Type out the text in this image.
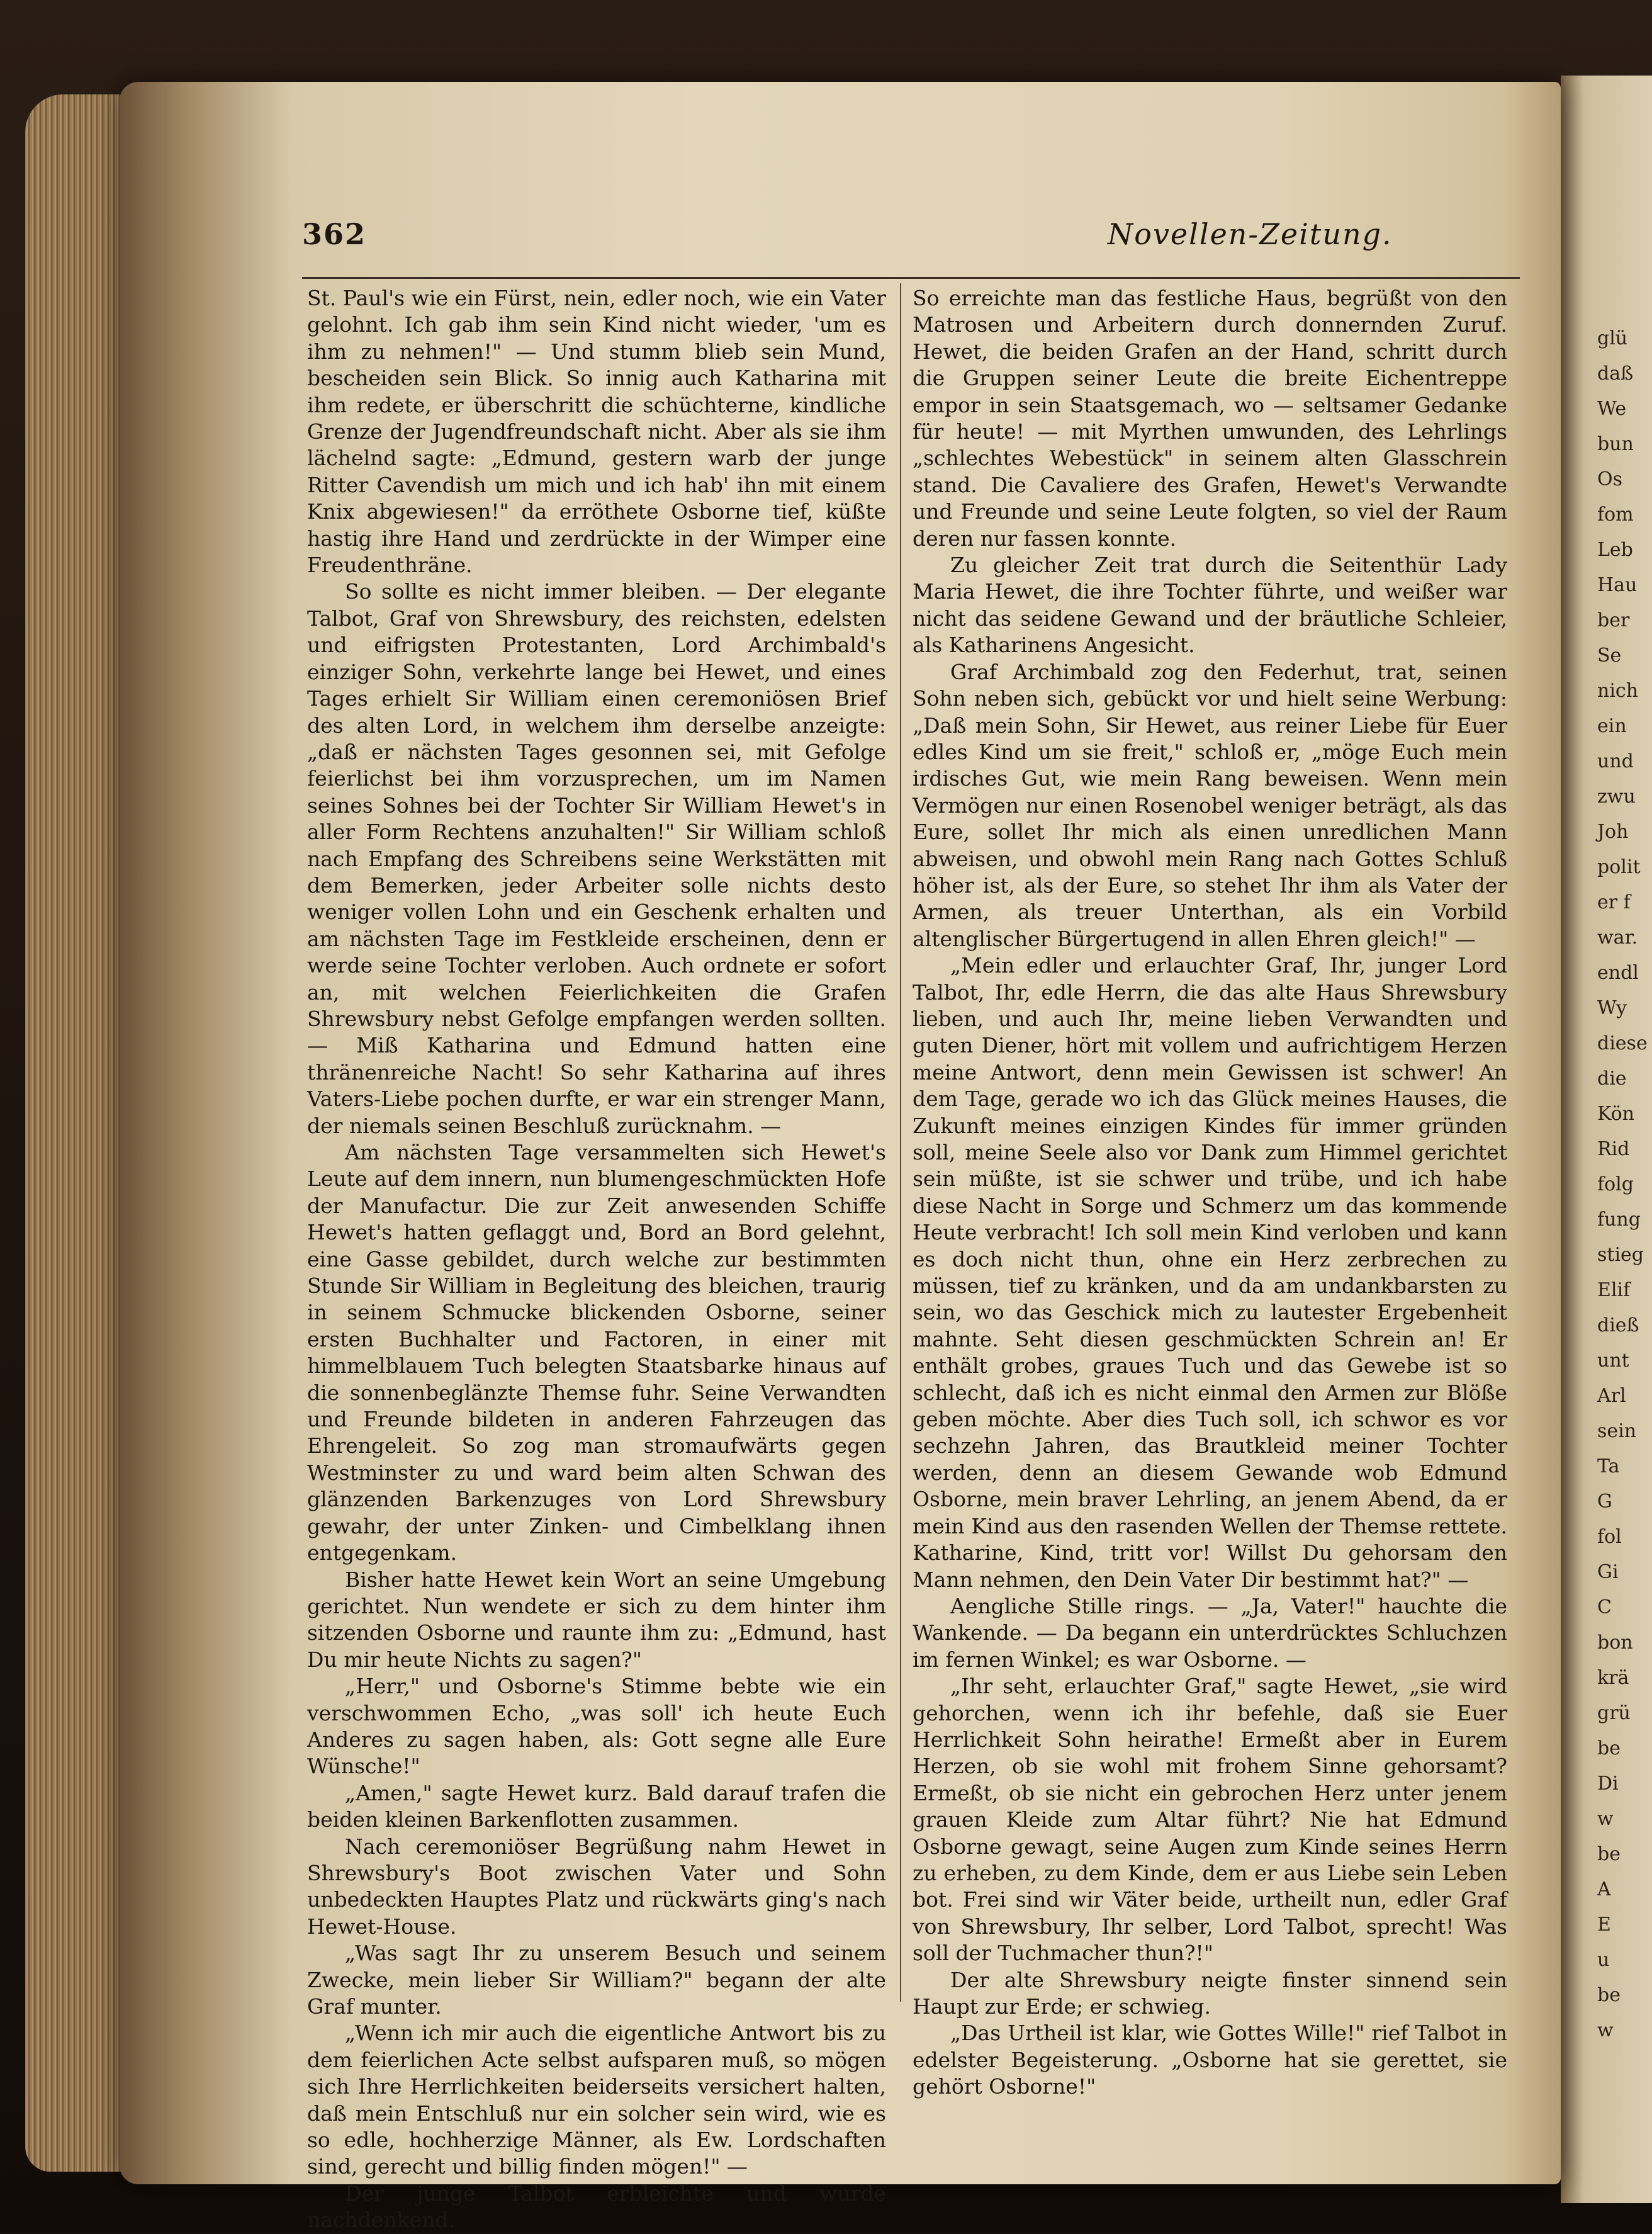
glü
daß
We
bun
Os
fom
Leb
Hau
ber
Se
nich
ein
und
zwu
Joh
polit
er f
war.
endl
Wy
diese
die
Kön
Rid
folg
fung
stieg
Elif
dieß
unt
Arl
sein
Ta
G
fol
Gi
C
bon
krä
grü
be
Di
w
be
A
E
u
be
w
362	Novellen-Zeitung.

St. Paul's wie ein Fürst, nein, edler noch, wie ein Vater gelohnt. Ich gab ihm sein Kind nicht wieder, 'um es ihm zu nehmen!" — Und stumm blieb sein Mund, bescheiden sein Blick. So innig auch Katharina mit ihm redete, er überschritt die schüchterne, kindliche Grenze der Jugendfreundschaft nicht. Aber als sie ihm lächelnd sagte: „Edmund, gestern warb der junge Ritter Cavendish um mich und ich hab' ihn mit einem Knix abgewiesen!" da erröthete Osborne tief, küßte hastig ihre Hand und zerdrückte in der Wimper eine Freudenthräne.

So sollte es nicht immer bleiben. — Der elegante Talbot, Graf von Shrewsbury, des reichsten, edelsten und eifrigsten Protestanten, Lord Archimbald's einziger Sohn, verkehrte lange bei Hewet, und eines Tages erhielt Sir William einen ceremoniösen Brief des alten Lord, in welchem ihm derselbe anzeigte: „daß er nächsten Tages gesonnen sei, mit Gefolge feierlichst bei ihm vorzusprechen, um im Namen seines Sohnes bei der Tochter Sir William Hewet's in aller Form Rechtens anzuhalten!" Sir William schloß nach Empfang des Schreibens seine Werkstätten mit dem Bemerken, jeder Arbeiter solle nichts desto weniger vollen Lohn und ein Geschenk erhalten und am nächsten Tage im Festkleide erscheinen, denn er werde seine Tochter verloben. Auch ordnete er sofort an, mit welchen Feierlichkeiten die Grafen Shrewsbury nebst Gefolge empfangen werden sollten. — Miß Katharina und Edmund hatten eine thränenreiche Nacht! So sehr Katharina auf ihres Vaters-Liebe pochen durfte, er war ein strenger Mann, der niemals seinen Beschluß zurücknahm. —

Am nächsten Tage versammelten sich Hewet's Leute auf dem innern, nun blumengeschmückten Hofe der Manufactur. Die zur Zeit anwesenden Schiffe Hewet's hatten geflaggt und, Bord an Bord gelehnt, eine Gasse gebildet, durch welche zur bestimmten Stunde Sir William in Begleitung des bleichen, traurig in seinem Schmucke blickenden Osborne, seiner ersten Buchhalter und Factoren, in einer mit himmelblauem Tuch belegten Staatsbarke hinaus auf die sonnenbeglänzte Themse fuhr. Seine Verwandten und Freunde bildeten in anderen Fahrzeugen das Ehrengeleit. So zog man stromaufwärts gegen Westminster zu und ward beim alten Schwan des glänzenden Barkenzuges von Lord Shrewsbury gewahr, der unter Zinken- und Cimbelklang ihnen entgegenkam.

Bisher hatte Hewet kein Wort an seine Umgebung gerichtet. Nun wendete er sich zu dem hinter ihm sitzenden Osborne und raunte ihm zu: „Edmund, hast Du mir heute Nichts zu sagen?"

„Herr," und Osborne's Stimme bebte wie ein verschwommen Echo, „was soll' ich heute Euch Anderes zu sagen haben, als: Gott segne alle Eure Wünsche!"

„Amen," sagte Hewet kurz. Bald darauf trafen die beiden kleinen Barkenflotten zusammen.

Nach ceremoniöser Begrüßung nahm Hewet in Shrewsbury's Boot zwischen Vater und Sohn unbedeckten Hauptes Platz und rückwärts ging's nach Hewet-House.

„Was sagt Ihr zu unserem Besuch und seinem Zwecke, mein lieber Sir William?" begann der alte Graf munter.

„Wenn ich mir auch die eigentliche Antwort bis zu dem feierlichen Acte selbst aufsparen muß, so mögen sich Ihre Herrlichkeiten beiderseits versichert halten, daß mein Entschluß nur ein solcher sein wird, wie es so edle, hochherzige Männer, als Ew. Lordschaften sind, gerecht und billig finden mögen!" —

Der junge Talbot erbleichte und wurde nachdenkend.

So erreichte man das festliche Haus, begrüßt von den Matrosen und Arbeitern durch donnernden Zuruf. Hewet, die beiden Grafen an der Hand, schritt durch die Gruppen seiner Leute die breite Eichentreppe empor in sein Staatsgemach, wo — seltsamer Gedanke für heute! — mit Myrthen umwunden, des Lehrlings „schlechtes Webestück" in seinem alten Glasschrein stand. Die Cavaliere des Grafen, Hewet's Verwandte und Freunde und seine Leute folgten, so viel der Raum deren nur fassen konnte.

Zu gleicher Zeit trat durch die Seitenthür Lady Maria Hewet, die ihre Tochter führte, und weißer war nicht das seidene Gewand und der bräutliche Schleier, als Katharinens Angesicht.

Graf Archimbald zog den Federhut, trat, seinen Sohn neben sich, gebückt vor und hielt seine Werbung: „Daß mein Sohn, Sir Hewet, aus reiner Liebe für Euer edles Kind um sie freit," schloß er, „möge Euch mein irdisches Gut, wie mein Rang beweisen. Wenn mein Vermögen nur einen Rosenobel weniger beträgt, als das Eure, sollet Ihr mich als einen unredlichen Mann abweisen, und obwohl mein Rang nach Gottes Schluß höher ist, als der Eure, so stehet Ihr ihm als Vater der Armen, als treuer Unterthan, als ein Vorbild altenglischer Bürgertugend in allen Ehren gleich!" —

„Mein edler und erlauchter Graf, Ihr, junger Lord Talbot, Ihr, edle Herrn, die das alte Haus Shrewsbury lieben, und auch Ihr, meine lieben Verwandten und guten Diener, hört mit vollem und aufrichtigem Herzen meine Antwort, denn mein Gewissen ist schwer! An dem Tage, gerade wo ich das Glück meines Hauses, die Zukunft meines einzigen Kindes für immer gründen soll, meine Seele also vor Dank zum Himmel gerichtet sein müßte, ist sie schwer und trübe, und ich habe diese Nacht in Sorge und Schmerz um das kommende Heute verbracht! Ich soll mein Kind verloben und kann es doch nicht thun, ohne ein Herz zerbrechen zu müssen, tief zu kränken, und da am undankbarsten zu sein, wo das Geschick mich zu lautester Ergebenheit mahnte. Seht diesen geschmückten Schrein an! Er enthält grobes, graues Tuch und das Gewebe ist so schlecht, daß ich es nicht einmal den Armen zur Blöße geben möchte. Aber dies Tuch soll, ich schwor es vor sechzehn Jahren, das Brautkleid meiner Tochter werden, denn an diesem Gewande wob Edmund Osborne, mein braver Lehrling, an jenem Abend, da er mein Kind aus den rasenden Wellen der Themse rettete. Katharine, Kind, tritt vor! Willst Du gehorsam den Mann nehmen, den Dein Vater Dir bestimmt hat?" —

Aengliche Stille rings. — „Ja, Vater!" hauchte die Wankende. — Da begann ein unterdrücktes Schluchzen im fernen Winkel; es war Osborne. —

„Ihr seht, erlauchter Graf," sagte Hewet, „sie wird gehorchen, wenn ich ihr befehle, daß sie Euer Herrlichkeit Sohn heirathe! Ermeßt aber in Eurem Herzen, ob sie wohl mit frohem Sinne gehorsamt? Ermeßt, ob sie nicht ein gebrochen Herz unter jenem grauen Kleide zum Altar führt? Nie hat Edmund Osborne gewagt, seine Augen zum Kinde seines Herrn zu erheben, zu dem Kinde, dem er aus Liebe sein Leben bot. Frei sind wir Väter beide, urtheilt nun, edler Graf von Shrewsbury, Ihr selber, Lord Talbot, sprecht! Was soll der Tuchmacher thun?!"

Der alte Shrewsbury neigte finster sinnend sein Haupt zur Erde; er schwieg.

„Das Urtheil ist klar, wie Gottes Wille!" rief Talbot in edelster Begeisterung. „Osborne hat sie gerettet, sie gehört Osborne!"
